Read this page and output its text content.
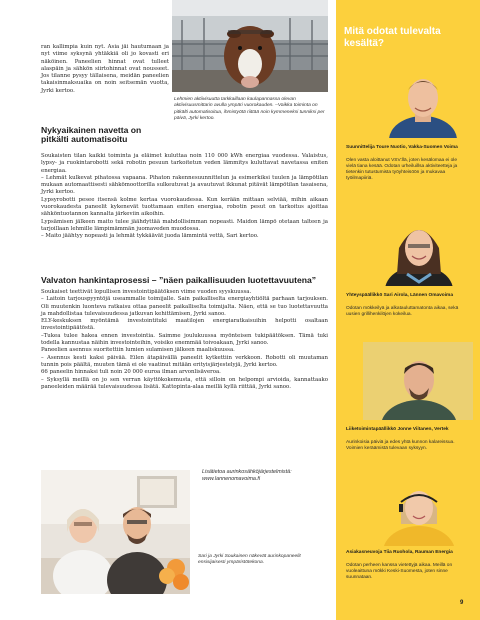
ran kallimpia kuin nyt. Asia jäi hautumaan ja nyt viime syksynä yhtäkkiä oli jo kovasti eri näköinen. Paneelien hinnat ovat tulleet alaspäin ja sähkön siirtohinnat ovat nousseet. Jos tilanne pysyy tällaisena, meidän paneelien takaisinmaksuaika on noin seitsemän vuotta, Jyrki kertoo.
Lehmien aktiivisuutta tarkkaillaan kaulapannassa olevan aktiivisuusmittarin avulla ympäri vuorokauden. –Vaikka toiminta on pitkälti automatisoitua, ihmistyötä riittää noin kymmeneksi tunniksi per päivä, Jyrki kertoo.
Nykyaikainen navetta on pitkälti automatisoitu
Soukaisten tilan kaikki toiminta ja eläimet kuluttaa noin 110 000 kWh energiaa vuodessa. Valaistus, lypsy- ja ruokintarobotti sekä robotin pesuun tarkoitetun veden lämmitys kuluttavat navetassa eniten energiaa.
– Lehmät kulkevat pihatossa vapaana. Pihaton rakennesuunnittelun ja esimerkiksi tuulen ja lämpötilan mukaan automaattisesti sähkömoottorilla sulkeutuvat ja avautuvat ikkunat pitävät lämpötilan tasaisena, Jyrki kertoo.
Lypsyrobotti pesee itsensä kolme kertaa vuorokaudessa. Kun kerään mittaan selviää, mihin aikaan vuorokaudesta paneelit kykenevät tuottamaan eniten energiaa, robotin pesut on tarkoitus ajoittaa sähköntuotannon kannalta järkeviin aikoihin.
Lypsämisen jälkeen maito tulee jäähdyttää mahdollisimman nopeasti. Maidon lämpö otetaan talteen ja tarjoillaan lehmille lämpimämmän juomaveden muodossa.
– Maito jäähtyy nopeasti ja lehmät tykkäävät juoda lämmintä vettä, Sari kertoo.
Valvaton hankintaprosessi – ”näen paikallisuuden luotettavuutena”
Soukaiset teettivät lopullisen investointipäätöksen viime vuoden syyskuussa.
– Laitoin tarjouspyyntöjä useammalle toimijalle. Sain paikalliselta energiayhtiöltä parhaan tarjouksen. Oli muutenkin luonteva ratkaisu ottaa paneelit paikalliselta toimijalta. Näen, että se tuo luotettavuutta ja mahdollistaa tulevaisuudessa jatkuvan kehittämisen, Jyrki sanoo.
ELY-keskuksen myöntämä investointituki maatilojen energiaratkaisuihin helpotti osaltaan investointipäätöstä.
–Tukea tulee hakea ennen investointia. Saimme joulukuussa myönteisen tukipäätöksen. Tämä tuki todella kannustaa näihin investointeihin, voisiko enemmää toivoakaan, Jyrki sanoo.
Paneelien asennus suoritettiin lumien sulamisen jälkeen maaliskuussa.
– Asennus kesti kaksi päivää. Eilen ätapäivällä paneelit kytkettiin verkkoon. Robotti oli muutaman tunnin pois päältä, muuten tämä ei ole vaatinut mitään erityisjärjestelyjä, Jyrki kertoo.
66 paneelin hinnaksi tuli noin 20 000 euroa ilman arvonlisäveroa.
– Syksyllä meillä on jo sen verran käyttökokemusta, että silloin on helpompi arvioida, kannattaako paneeleiden määrää tulevaisuudessa lisätä. Kattopinta-alaa meillä kyllä riittää, Jyrki sanoo.
Lisätietoa aurinkosähköjärjestelmistä: www.lannenomavoima.fi
Sari ja Jyrki Soukainen näkevät aurinkopaneelit ensisijaisesti ympäristötekona.
Mitä odotat tulevalta kesältä?
Suunnittelija Toure Nuotio, Vakka-Suomen Voima
Olen vasta aloittanut VSV:llä, joten kesälomaa ei ole vielä tiana kesää. Odotan urheiluillsa aktiviteetteja ja tietenkin tutustumista työyhteisöön ja mukavaa työilmapiiriä.
Yhteyspäällikkö Sari Airola, Lännen Omavoima
Odotan mökkeilyä ja alkatauluttamatonta aikaa, sekä uusien grillihenkilöjen kokeilua.
Liiketoimintapäällikkö Jonne Viitanen, Vertek
Aurinkoisia päiviä ja edes yhtä kunnon kalareissua. Voimien keräämistä tulevaan syksyyn.
Asiakasneuvoja Tiia Ruohola, Rauman Energia
Odotan perheen kanssa vietettyjä aikaa. Meillä on vuoleaittuna mökki Keski-Suomesta, joten sinne suunnataan.
9
